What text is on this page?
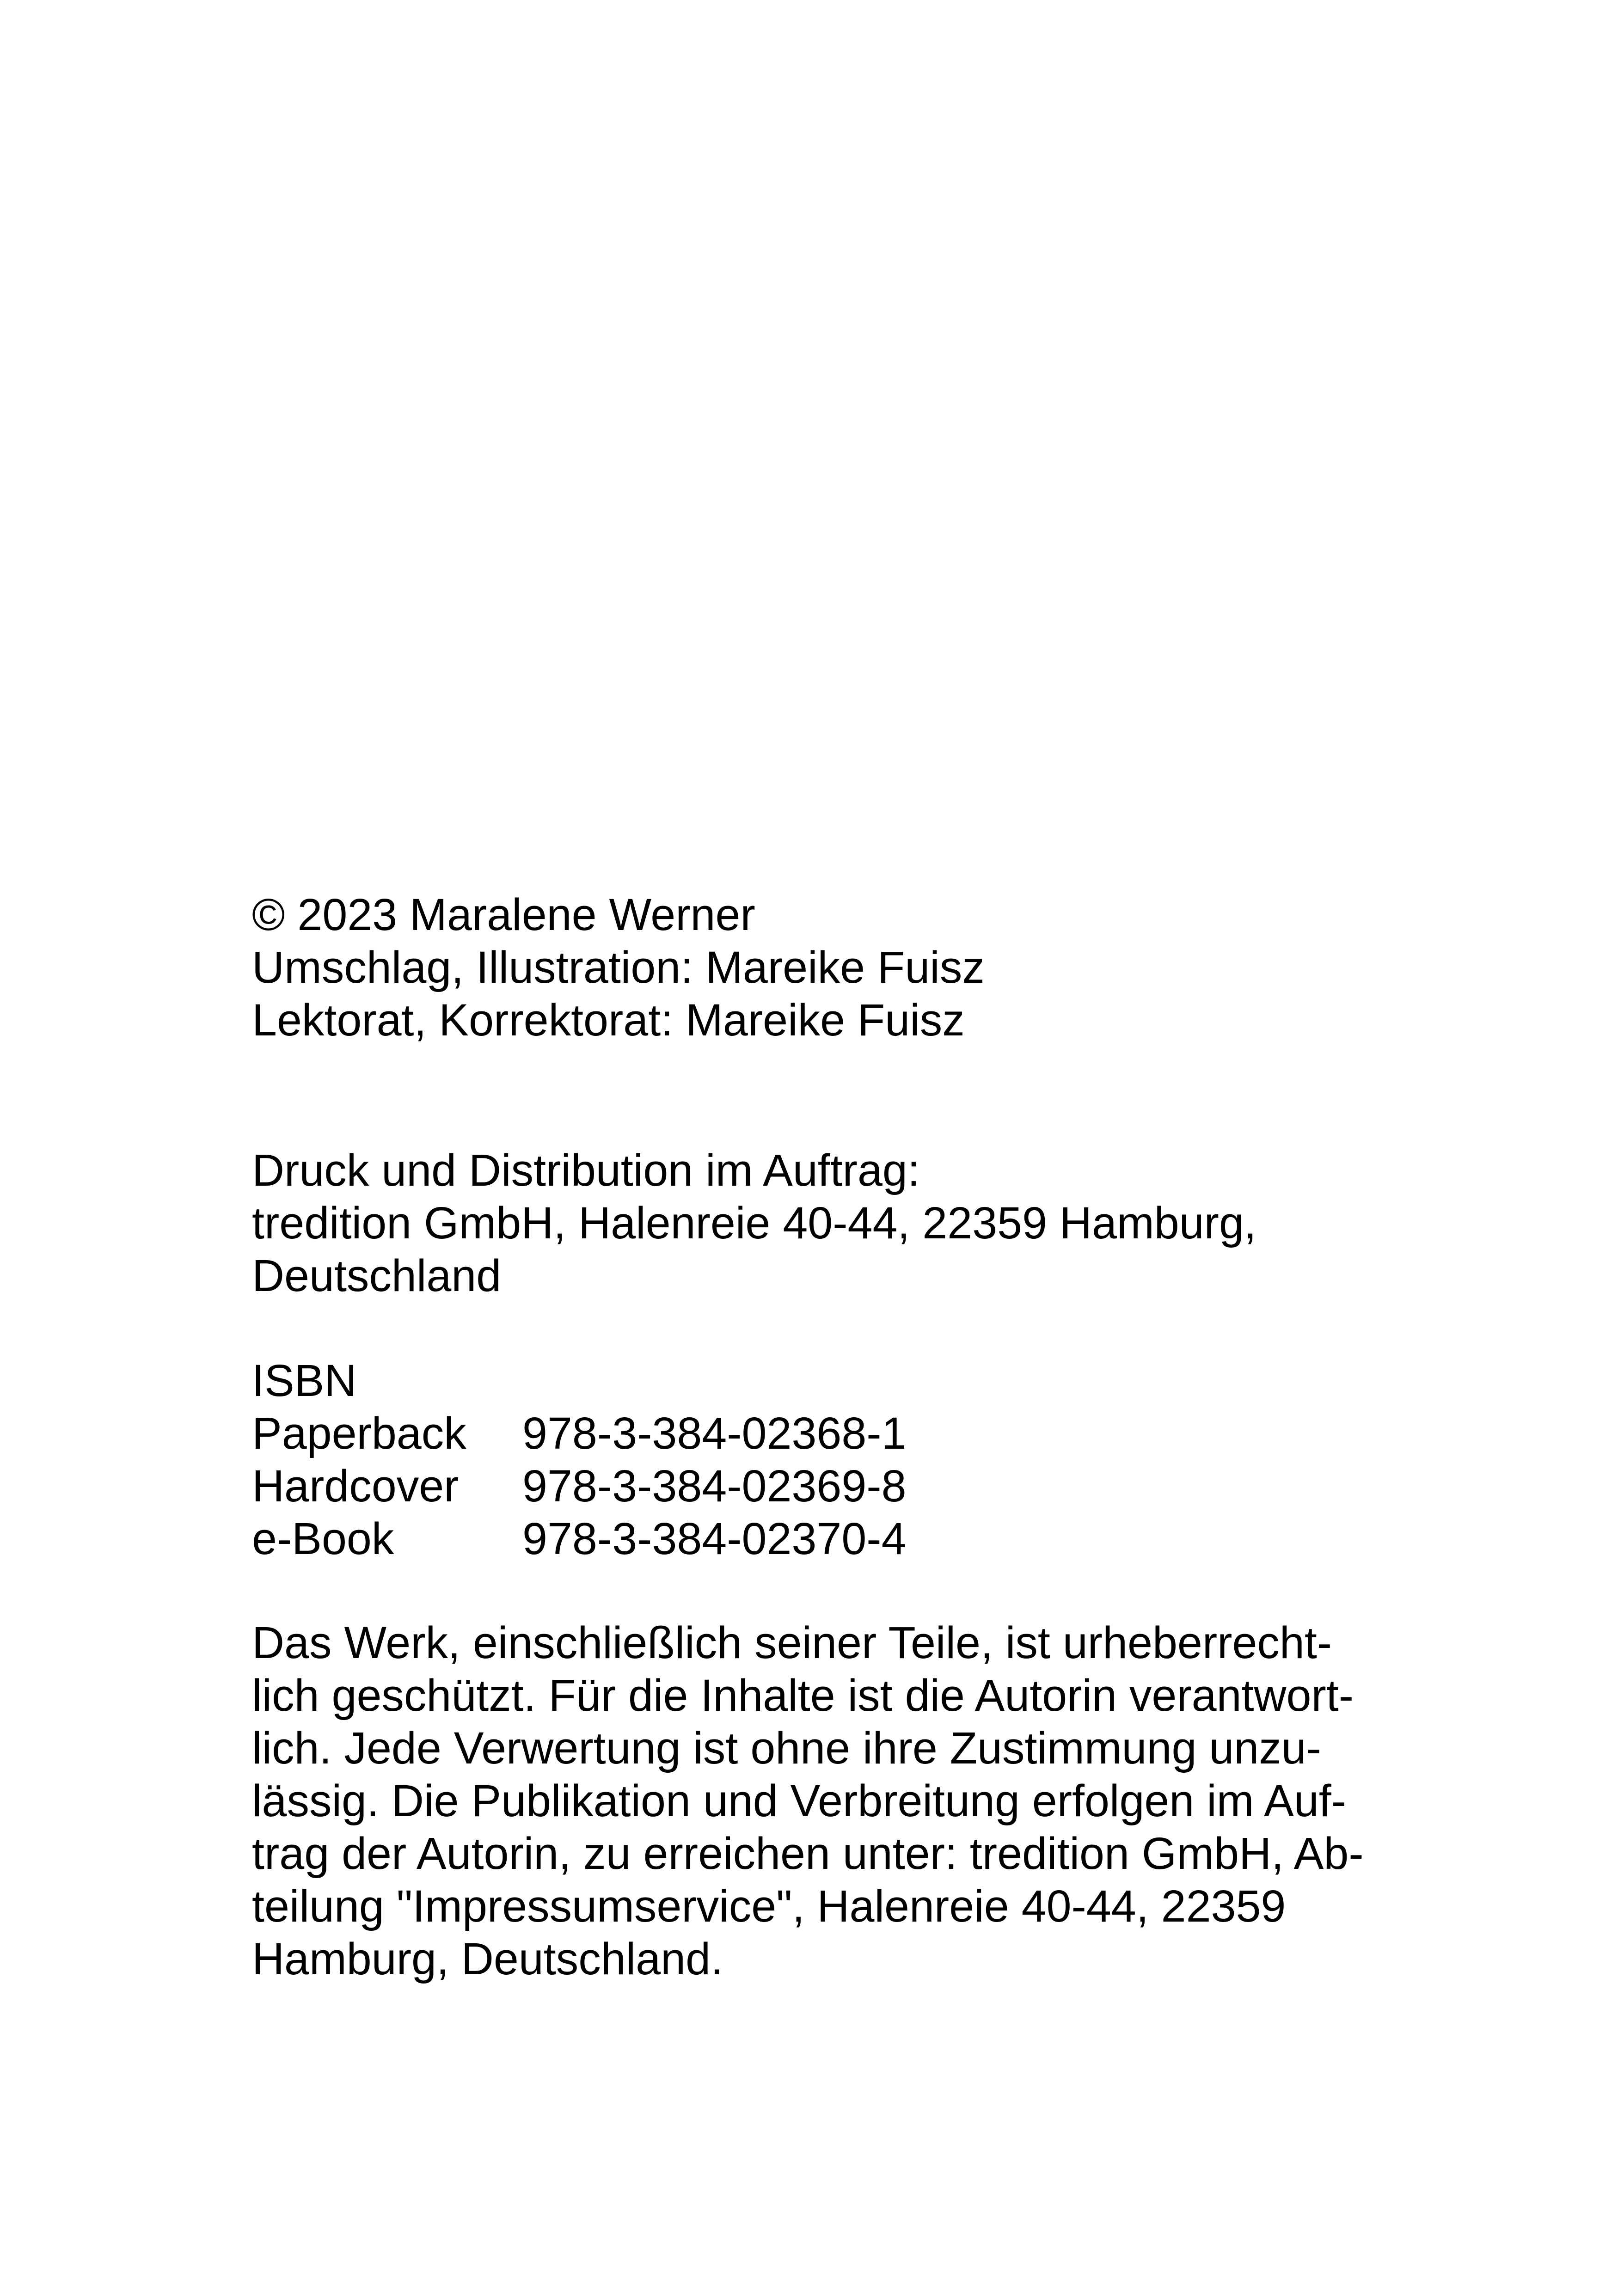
© 2023 Maralene Werner
Umschlag, Illustration: Mareike Fuisz
Lektorat, Korrektorat: Mareike Fuisz
Druck und Distribution im Auftrag:
tredition GmbH, Halenreie 40-44, 22359 Hamburg,
Deutschland
ISBN
Paperback 978-3-384-02368-1
Hardcover 978-3-384-02369-8
e-Book	978-3-384-02370-4
Das Werk, einschließlich seiner Teile, ist urheberrecht-
lich geschützt. Für die Inhalte ist die Autorin verantwort-
lich. Jede Verwertung ist ohne ihre Zustimmung unzu-
lässig. Die Publikation und Verbreitung erfolgen im Auf-
trag der Autorin, zu erreichen unter: tredition GmbH, Ab-
teilung "Impressumservice", Halenreie 40-44, 22359
Hamburg, Deutschland.
